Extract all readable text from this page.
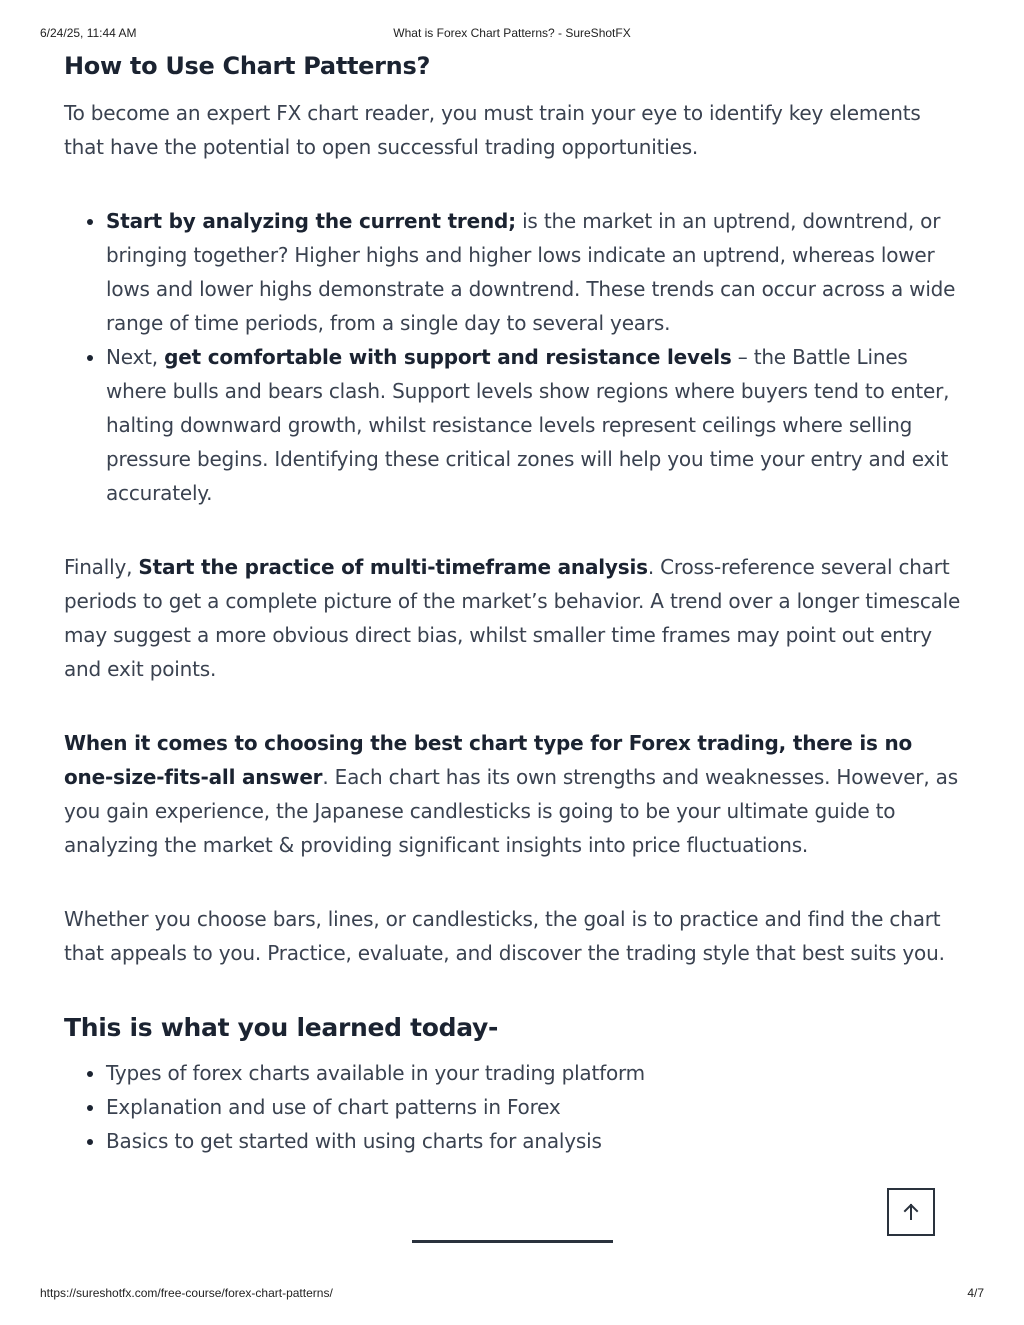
6/24/25, 11:44 AM	What is Forex Chart Patterns? - SureShotFX
How to Use Chart Patterns?

To become an expert FX chart reader, you must train your eye to identify key elements that have the potential to open successful trading opportunities.

• Start by analyzing the current trend; is the market in an uptrend, downtrend, or bringing together? Higher highs and higher lows indicate an uptrend, whereas lower lows and lower highs demonstrate a downtrend. These trends can occur across a wide range of time periods, from a single day to several years.
• Next, get comfortable with support and resistance levels – the Battle Lines where bulls and bears clash. Support levels show regions where buyers tend to enter, halting downward growth, whilst resistance levels represent ceilings where selling pressure begins. Identifying these critical zones will help you time your entry and exit accurately.

Finally, Start the practice of multi-timeframe analysis. Cross-reference several chart periods to get a complete picture of the market’s behavior. A trend over a longer timescale may suggest a more obvious direct bias, whilst smaller time frames may point out entry and exit points.

When it comes to choosing the best chart type for Forex trading, there is no one-size-fits-all answer. Each chart has its own strengths and weaknesses. However, as you gain experience, the Japanese candlesticks is going to be your ultimate guide to analyzing the market & providing significant insights into price fluctuations.

Whether you choose bars, lines, or candlesticks, the goal is to practice and find the chart that appeals to you. Practice, evaluate, and discover the trading style that best suits you.

This is what you learned today-
• Types of forex charts available in your trading platform
• Explanation and use of chart patterns in Forex
• Basics to get started with using charts for analysis
https://sureshotfx.com/free-course/forex-chart-patterns/	4/7
